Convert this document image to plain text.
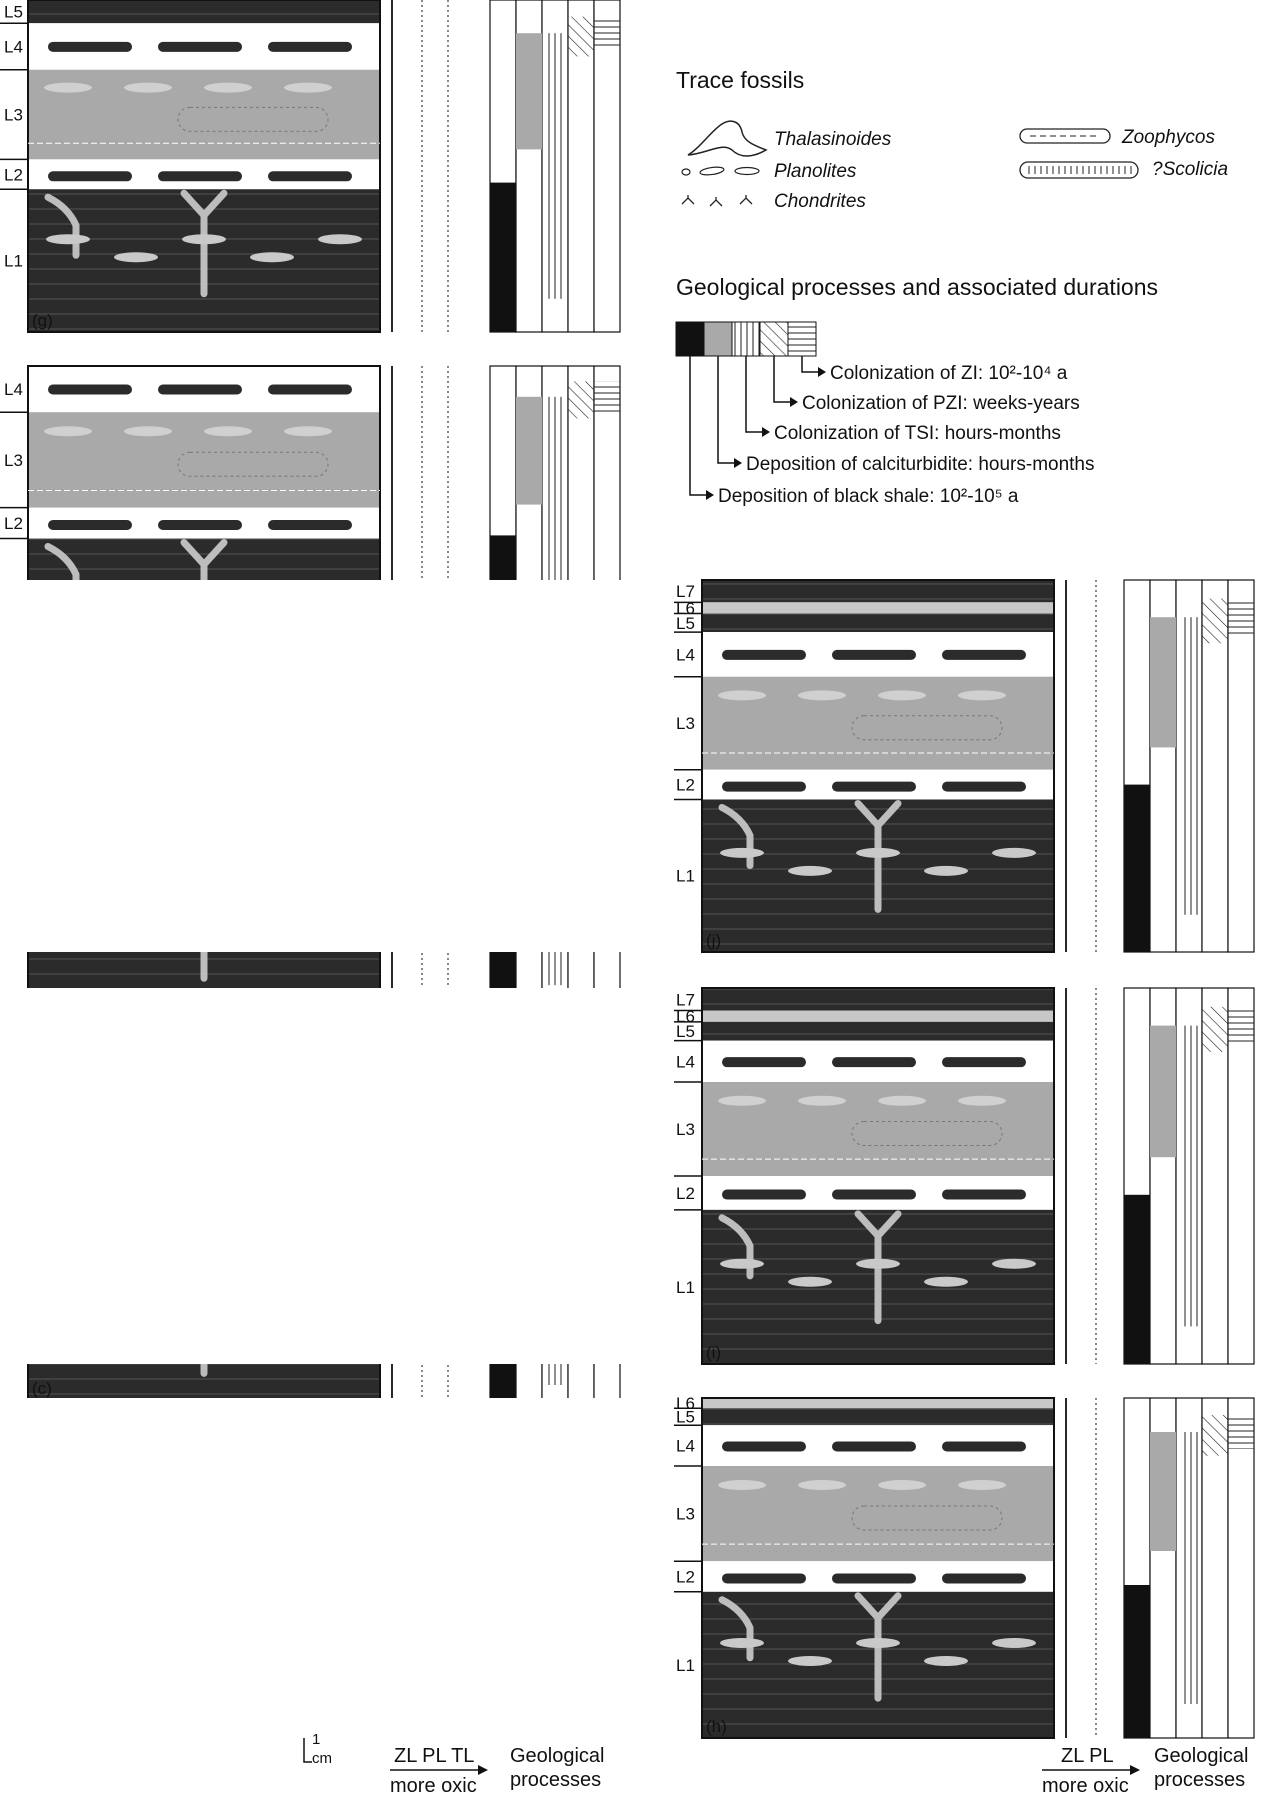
(c)
L4
L3
L2
L5
L4
L3
L2
L1
(g)
L6
L5
L4
L3
L2
L1
(h)
L7
L6
L5
L4
L3
L2
L1
(i)
L7
L6
L5
L4
L3
L2
L1
(j)
Trace fossils
Thalasinoides
Planolites
Chondrites
Zoophycos
?Scolicia
Geological processes and associated durations
Colonization of ZI: 10²-10⁴ a
Colonization of PZI: weeks-years
Colonization of TSI: hours-months
Deposition of calciturbidite: hours-months
Deposition of black shale: 10²-10⁵ a
1
cm	ZL PL TL
more oxic
Geological
processes
ZL PL
more oxic
Geological
processes
